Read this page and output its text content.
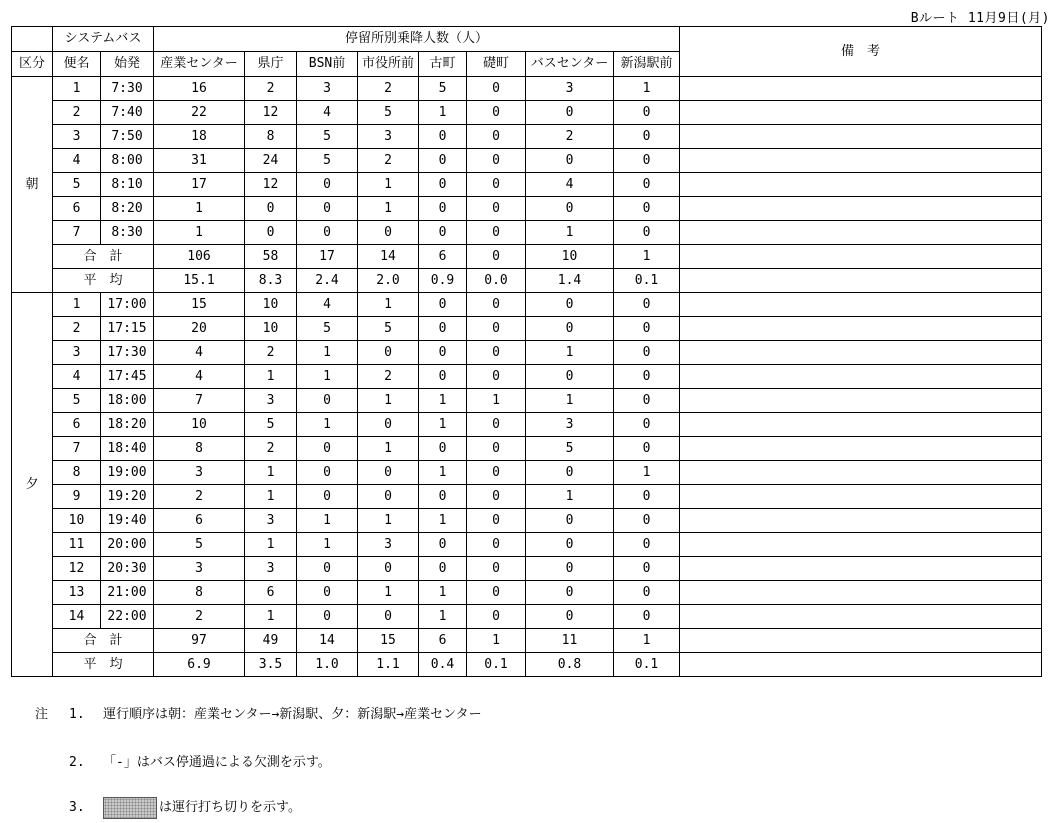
Bルート 11月9日(月)
	システムバス		停留所別乗降人数（人）								備　考
区分	便名	始発	産業センター	県庁	BSN前	市役所前	古町	礎町	バスセンター	新潟駅前	
朝	1	7:30	16	2	3	2	5	0	3	1	
	2	7:40	22	12	4	5	1	0	0	0	
	3	7:50	18	8	5	3	0	0	2	0	
	4	8:00	31	24	5	2	0	0	0	0	
	5	8:10	17	12	0	1	0	0	4	0	
	6	8:20	1	0	0	1	0	0	0	0	
	7	8:30	1	0	0	0	0	0	1	0	
	合　計		106	58	17	14	6	0	10	1	
	平　均		15.1	8.3	2.4	2.0	0.9	0.0	1.4	0.1	
夕	1	17:00	15	10	4	1	0	0	0	0	
	2	17:15	20	10	5	5	0	0	0	0	
	3	17:30	4	2	1	0	0	0	1	0	
	4	17:45	4	1	1	2	0	0	0	0	
	5	18:00	7	3	0	1	1	1	1	0	
	6	18:20	10	5	1	0	1	0	3	0	
	7	18:40	8	2	0	1	0	0	5	0	
	8	19:00	3	1	0	0	1	0	0	1	
	9	19:20	2	1	0	0	0	0	1	0	
	10	19:40	6	3	1	1	1	0	0	0	
	11	20:00	5	1	1	3	0	0	0	0	
	12	20:30	3	3	0	0	0	0	0	0	
	13	21:00	8	6	0	1	1	0	0	0	
	14	22:00	2	1	0	0	1	0	0	0	
	合　計		97	49	14	15	6	1	11	1	
	平　均		6.9	3.5	1.0	1.1	0.4	0.1	0.8	0.1	
注 1. 運行順序は朝：産業センター→新潟駅、夕：新潟駅→産業センター
2. 「-」はバス停通過による欠測を示す。
3.	は運行打ち切りを示す。
